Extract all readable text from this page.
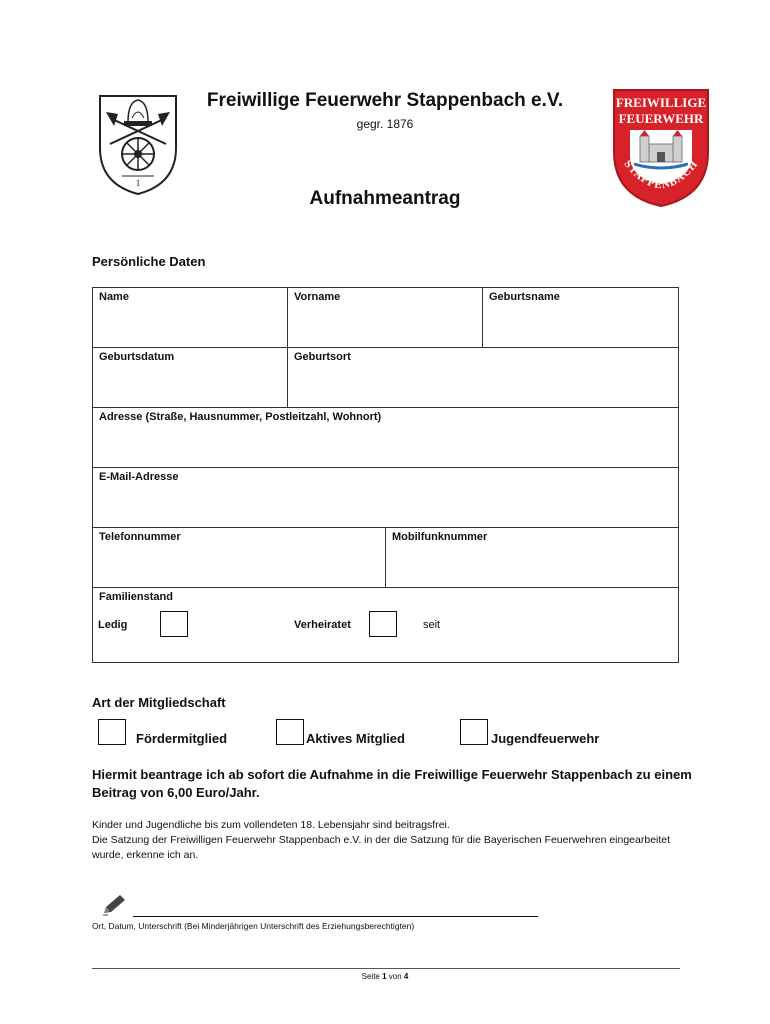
1
Freiwillige Feuerwehr Stappenbach e.V.
gegr. 1876
FREIWILLIGE
FEUERWEHR
STAPPENBACH
Aufnahmeantrag
Persönliche Daten
Name	Vorname	Geburtsname
Geburtsdatum	Geburtsort
Adresse (Straße, Hausnummer, Postleitzahl, Wohnort)
E-Mail-Adresse
Telefonnummer	Mobilfunknummer
Familienstand
Ledig	Verheiratet	seit
Art der Mitgliedschaft
Fördermitglied	Aktives Mitglied	Jugendfeuerwehr
Hiermit beantrage ich ab sofort die Aufnahme in die Freiwillige Feuerwehr Stappenbach zu einem Beitrag von 6,00 Euro/Jahr.
Kinder und Jugendliche bis zum vollendeten 18. Lebensjahr sind beitragsfrei.
Die Satzung der Freiwilligen Feuerwehr Stappenbach e.V. in der die Satzung für die Bayerischen Feuerwehren eingearbeitet wurde, erkenne ich an.
Ort, Datum, Unterschrift (Bei Minderjährigen Unterschrift des Erziehungsberechtigten)
Seite 1 von 4
